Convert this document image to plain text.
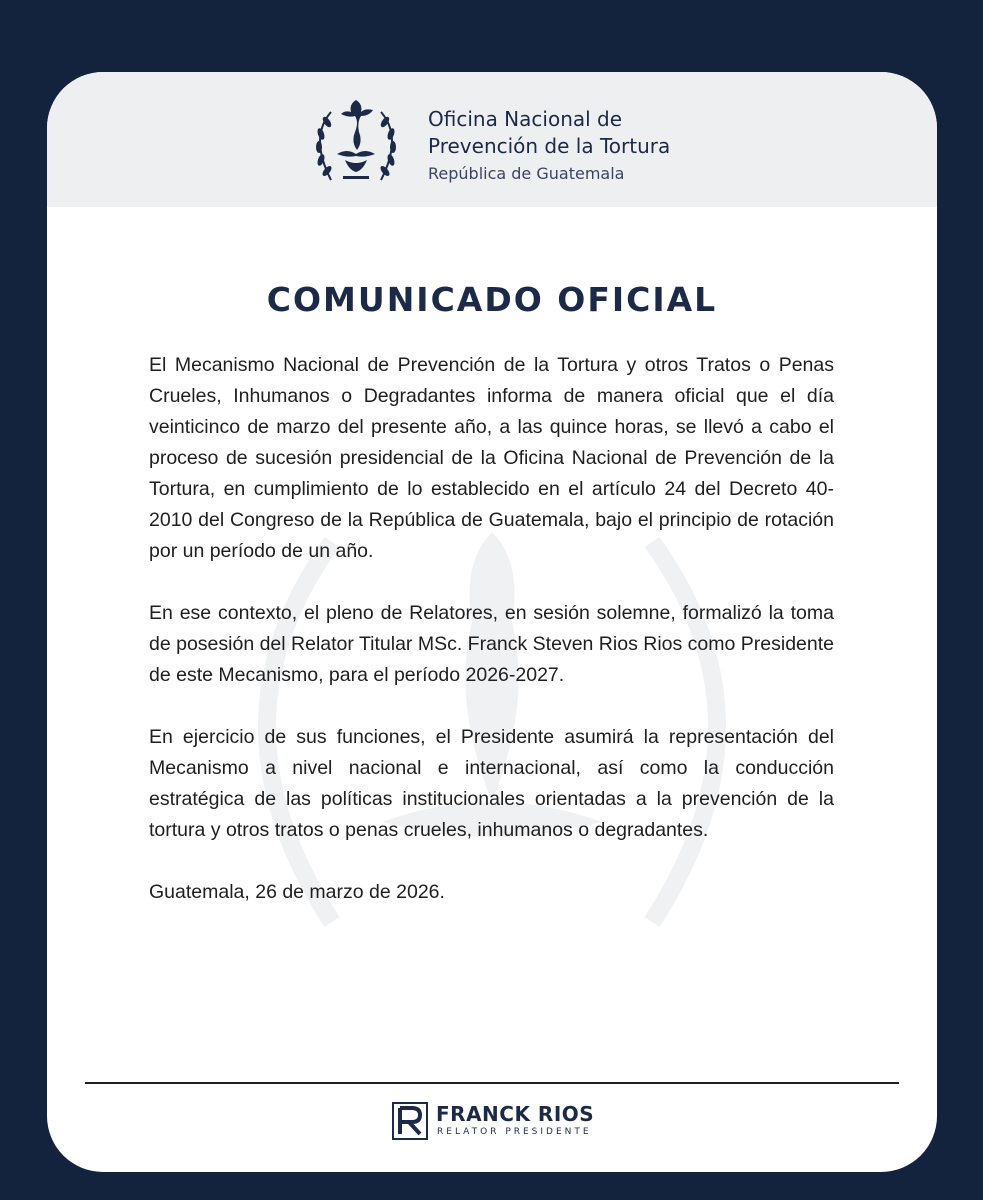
Oficina Nacional de
Prevención de la Tortura
República de Guatemala
COMUNICADO OFICIAL

El Mecanismo Nacional de Prevención de la Tortura y otros Tratos o Penas Crueles, Inhumanos o Degradantes informa de manera oficial que el día veinticinco de marzo del presente año, a las quince horas, se llevó a cabo el proceso de sucesión presidencial de la Oficina Nacional de Prevención de la Tortura, en cumplimiento de lo establecido en el artículo 24 del Decreto 40-2010 del Congreso de la República de Guatemala, bajo el principio de rotación por un período de un año.

En ese contexto, el pleno de Relatores, en sesión solemne, formalizó la toma de posesión del Relator Titular MSc. Franck Steven Rios Rios como Presidente de este Mecanismo, para el período 2026-2027.

En ejercicio de sus funciones, el Presidente asumirá la representación del Mecanismo a nivel nacional e internacional, así como la conducción estratégica de las políticas institucionales orientadas a la prevención de la tortura y otros tratos o penas crueles, inhumanos o degradantes.

Guatemala, 26 de marzo de 2026.

FRANCK RIOS
RELATOR PRESIDENTE
